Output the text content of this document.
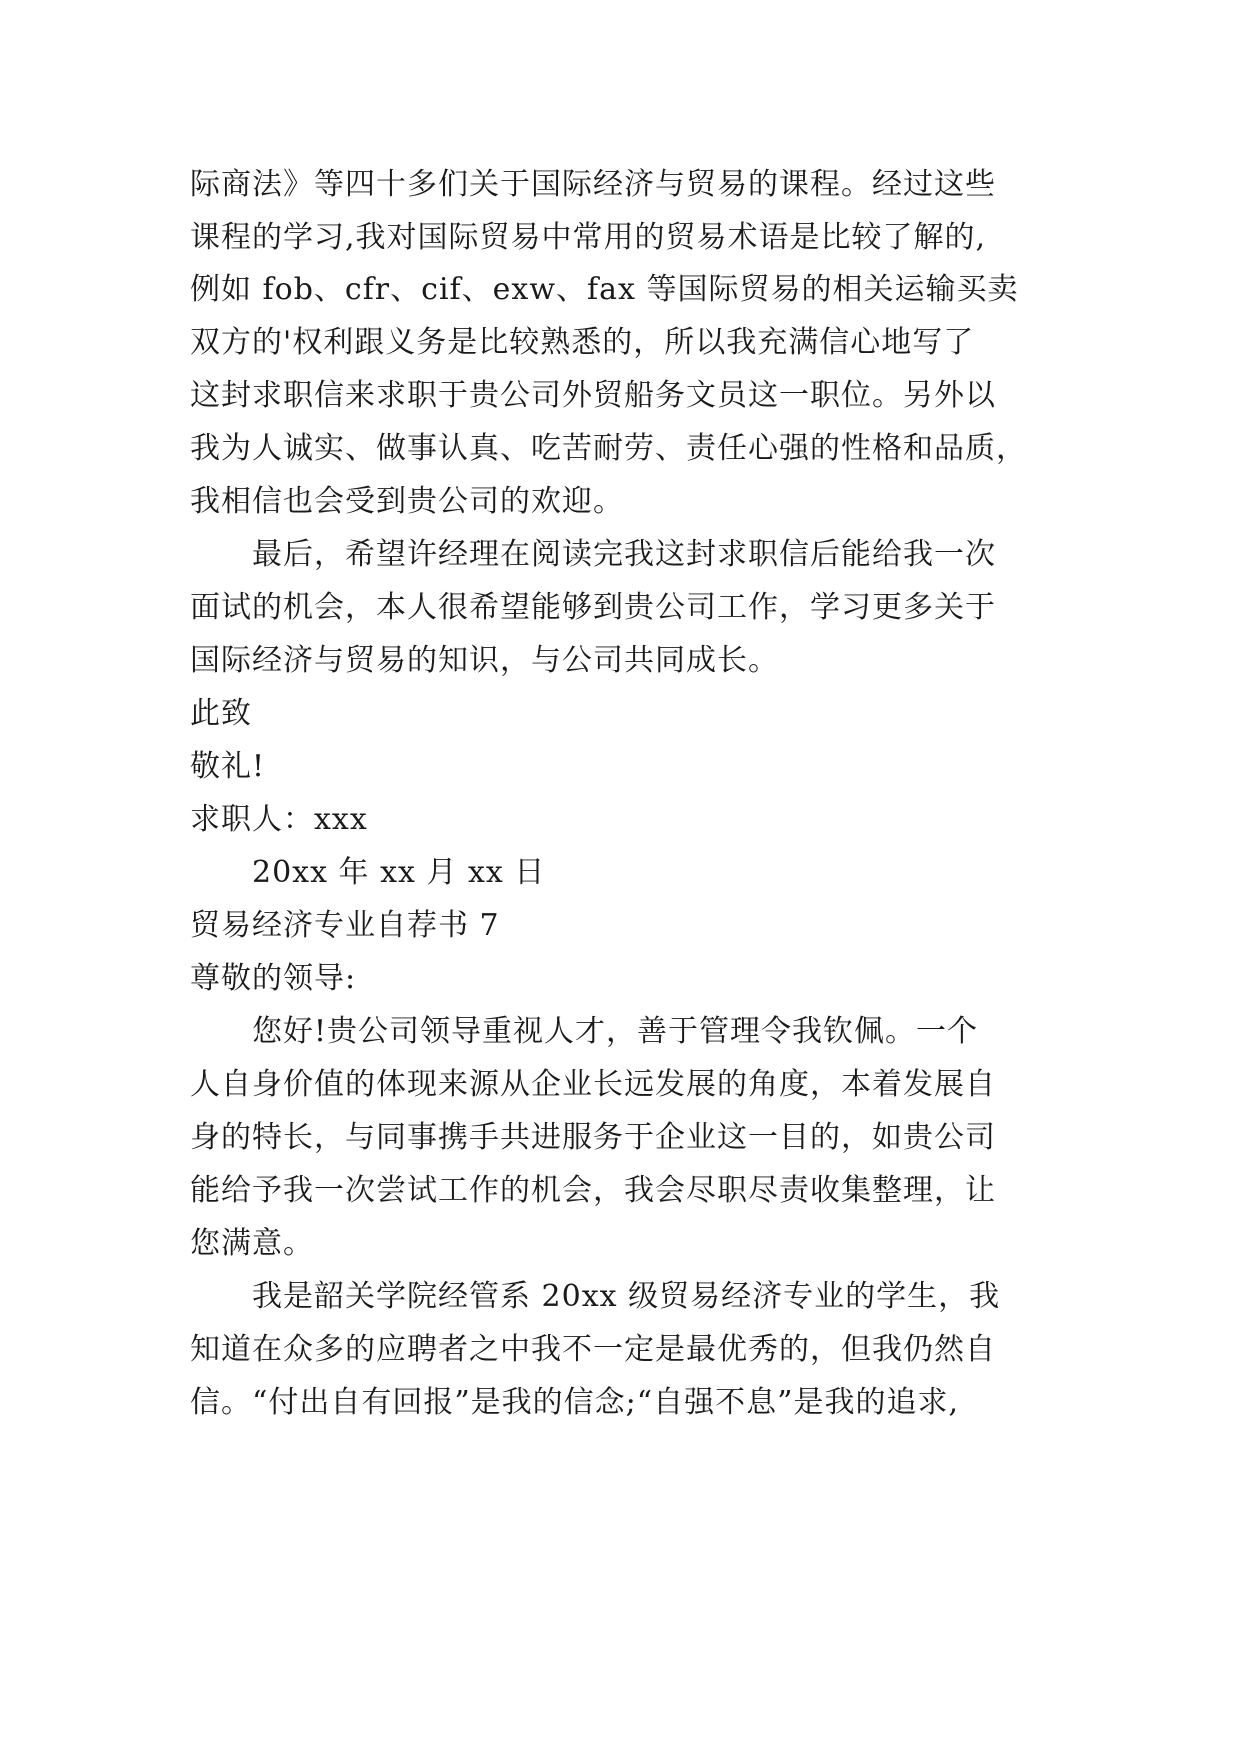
际商法》等四十多们关于国际经济与贸易的课程。经过这些
课程的学习,我对国际贸易中常用的贸易术语是比较了解的,
例如 fob、cfr、cif、exw、fax 等国际贸易的相关运输买卖
双方的'权利跟义务是比较熟悉的，所以我充满信心地写了
这封求职信来求职于贵公司外贸船务文员这一职位。另外以
我为人诚实、做事认真、吃苦耐劳、责任心强的性格和品质，
我相信也会受到贵公司的欢迎。
最后，希望许经理在阅读完我这封求职信后能给我一次
面试的机会，本人很希望能够到贵公司工作，学习更多关于
国际经济与贸易的知识，与公司共同成长。
此致
敬礼!
求职人：xxx
20xx 年 xx 月 xx 日
贸易经济专业自荐书 7
尊敬的领导:
您好!贵公司领导重视人才，善于管理令我钦佩。一个
人自身价值的体现来源从企业长远发展的角度，本着发展自
身的特长，与同事携手共进服务于企业这一目的，如贵公司
能给予我一次尝试工作的机会，我会尽职尽责收集整理，让
您满意。
我是韶关学院经管系 20xx 级贸易经济专业的学生，我
知道在众多的应聘者之中我不一定是最优秀的，但我仍然自
信。“付出自有回报”是我的信念;“自强不息”是我的追求,
